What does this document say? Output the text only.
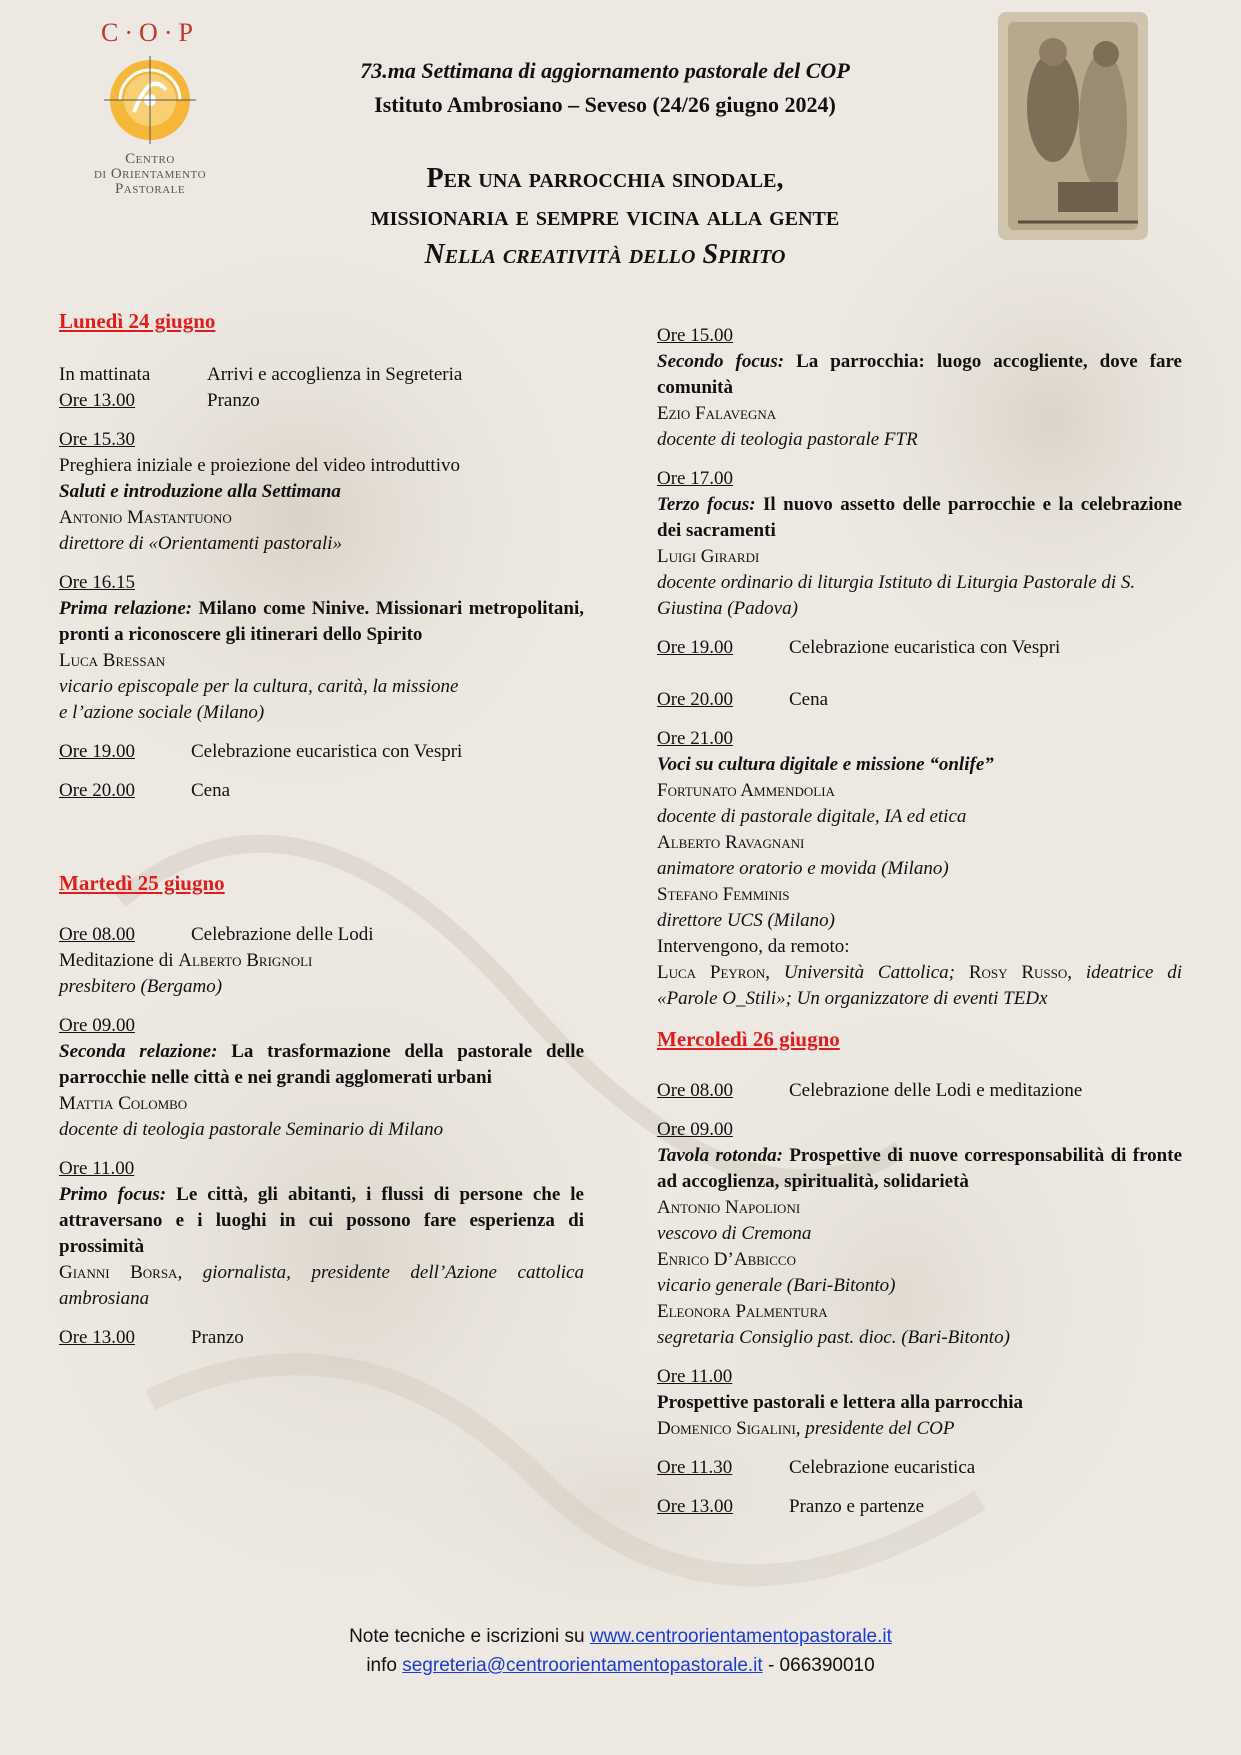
C·O·P
Centro
di Orientamento
Pastorale
73.ma Settimana di aggiornamento pastorale del COP
Istituto Ambrosiano – Seveso (24/26 giugno 2024)
Per una parrocchia sinodale,
missionaria e sempre vicina alla gente
Nella creatività dello Spirito

Lunedì 24 giugno

In mattinata	Arrivi e accoglienza in Segreteria
Ore 13.00	Pranzo
Ore 15.30
Preghiera iniziale e proiezione del video introduttivo
Saluti e introduzione alla Settimana
Antonio Mastantuono
direttore di «Orientamenti pastorali»
Ore 16.15
Prima relazione: Milano come Ninive. Missionari metropolitani, pronti a riconoscere gli itinerari dello Spirito
Luca Bressan
vicario episcopale per la cultura, carità, la missione
e l’azione sociale (Milano)
Ore 19.00	Celebrazione eucaristica con Vespri
Ore 20.00	Cena

Martedì 25 giugno

Ore 08.00	Celebrazione delle Lodi
Meditazione di Alberto Brignoli
presbitero (Bergamo)
Ore 09.00
Seconda relazione: La trasformazione della pastorale delle parrocchie nelle città e nei grandi agglomerati urbani
Mattia Colombo
docente di teologia pastorale Seminario di Milano
Ore 11.00
Primo focus: Le città, gli abitanti, i flussi di persone che le attraversano e i luoghi in cui possono fare esperienza di prossimità
Gianni Borsa, giornalista, presidente dell’Azione cattolica ambrosiana
Ore 13.00	Pranzo
Ore 15.00
Secondo focus: La parrocchia: luogo accogliente, dove fare comunità
Ezio Falavegna
docente di teologia pastorale FTR
Ore 17.00
Terzo focus: Il nuovo assetto delle parrocchie e la celebrazione dei sacramenti
Luigi Girardi
docente ordinario di liturgia Istituto di Liturgia Pastorale di S. Giustina (Padova)
Ore 19.00	Celebrazione eucaristica con Vespri
Ore 20.00	Cena
Ore 21.00
Voci su cultura digitale e missione “onlife”
Fortunato Ammendolia
docente di pastorale digitale, IA ed etica
Alberto Ravagnani
animatore oratorio e movida (Milano)
Stefano Femminis
direttore UCS (Milano)
Intervengono, da remoto:
Luca Peyron, Università Cattolica; Rosy Russo, ideatrice di «Parole O_Stili»; Un organizzatore di eventi TEDx

Mercoledì 26 giugno

Ore 08.00	Celebrazione delle Lodi e meditazione
Ore 09.00
Tavola rotonda: Prospettive di nuove corresponsabilità di fronte ad accoglienza, spiritualità, solidarietà
Antonio Napolioni
vescovo di Cremona
Enrico D’Abbicco
vicario generale (Bari-Bitonto)
Eleonora Palmentura
segretaria Consiglio past. dioc. (Bari-Bitonto)
Ore 11.00
Prospettive pastorali e lettera alla parrocchia
Domenico Sigalini, presidente del COP
Ore 11.30	Celebrazione eucaristica
Ore 13.00	Pranzo e partenze
Note tecniche e iscrizioni su www.centroorientamentopastorale.it
info segreteria@centroorientamentopastorale.it - 066390010
